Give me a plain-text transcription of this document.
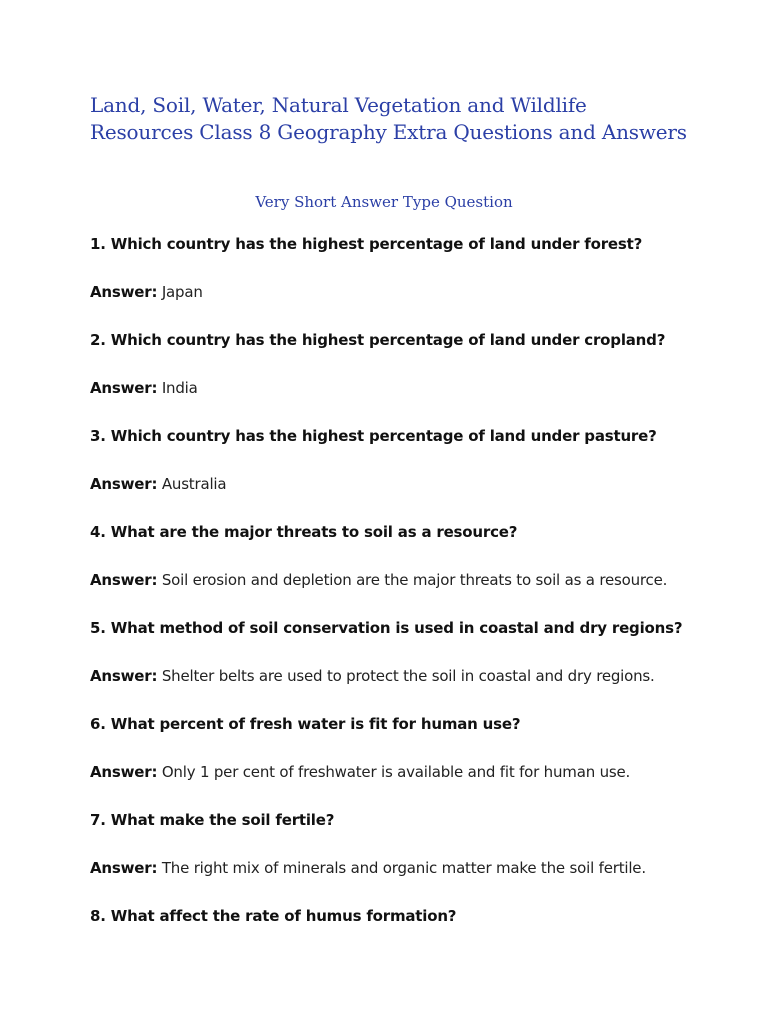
Land, Soil, Water, Natural Vegetation and Wildlife Resources Class 8 Geography Extra Questions and Answers
Very Short Answer Type Question

1. Which country has the highest percentage of land under forest?

Answer: Japan

2. Which country has the highest percentage of land under cropland?

Answer: India

3. Which country has the highest percentage of land under pasture?

Answer: Australia

4. What are the major threats to soil as a resource?

Answer: Soil erosion and depletion are the major threats to soil as a resource.

5. What method of soil conservation is used in coastal and dry regions?

Answer: Shelter belts are used to protect the soil in coastal and dry regions.

6. What percent of fresh water is fit for human use?

Answer: Only 1 per cent of freshwater is available and fit for human use.

7. What make the soil fertile?

Answer: The right mix of minerals and organic matter make the soil fertile.

8. What affect the rate of humus formation?
